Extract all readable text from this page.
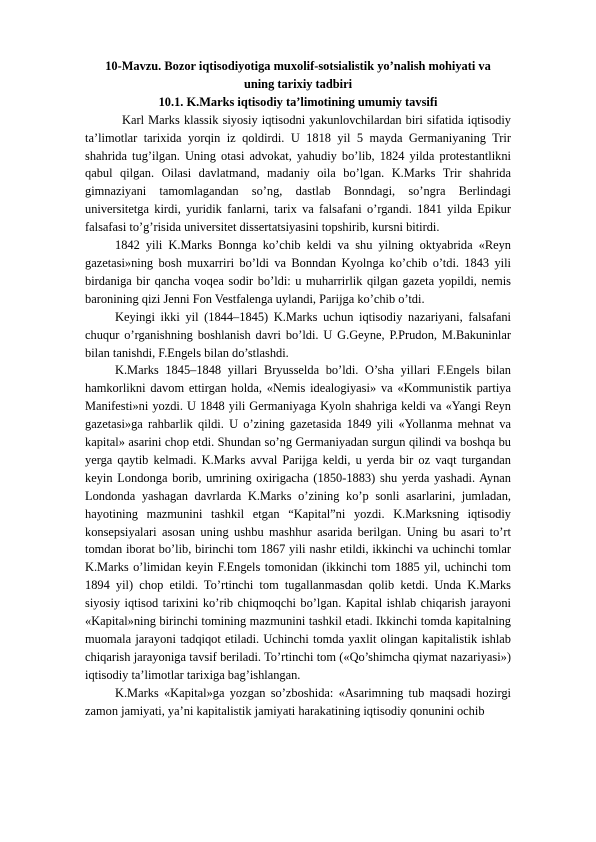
10-Mavzu. Bozor iqtisodiyotiga muxolif-sotsialistik yo’nalish mohiyati va uning tarixiy tadbiri

10.1. K.Marks iqtisodiy ta’limotining umumiy tavsifi

Karl Marks klassik siyosiy iqtisodni yakunlovchilardan biri sifatida iqtisodiy ta’limotlar tarixida yorqin iz qoldirdi. U 1818 yil 5 mayda Germaniyaning Trir shahrida tug’ilgan. Uning otasi advokat, yahudiy bo’lib, 1824 yilda protestantlikni qabul qilgan. Oilasi davlatmand, madaniy oila bo’lgan. K.Marks Trir shahrida gimnaziyani tamomlagandan so’ng, dastlab Bonndagi, so’ngra Berlindagi universitetga kirdi, yuridik fanlarni, tarix va falsafani o’rgandi. 1841 yilda Epikur falsafasi to’g’risida universitet dissertatsiyasini topshirib, kursni bitirdi.

1842 yili K.Marks Bonnga ko’chib keldi va shu yilning oktyabrida «Reyn gazetasi»ning bosh muxarriri bo’ldi va Bonndan Kyolnga ko’chib o’tdi. 1843 yili birdaniga bir qancha voqea sodir bo’ldi: u muharrirlik qilgan gazeta yopildi, nemis baronining qizi Jenni Fon Vestfalenga uylandi, Parijga ko’chib o’tdi.

Keyingi ikki yil (1844–1845) K.Marks uchun iqtisodiy nazariyani, falsafani chuqur o’rganishning boshlanish davri bo’ldi. U G.Geyne, P.Prudon, M.Bakuninlar bilan tanishdi, F.Engels bilan do’stlashdi.

K.Marks 1845–1848 yillari Bryusselda bo’ldi. O’sha yillari F.Engels bilan hamkorlikni davom ettirgan holda, «Nemis idealogiyasi» va «Kommunistik partiya Manifesti»ni yozdi. U 1848 yili Germaniyaga Kyoln shahriga keldi va «Yangi Reyn gazetasi»ga rahbarlik qildi. U o’zining gazetasida 1849 yili «Yollanma mehnat va kapital» asarini chop etdi. Shundan so’ng Germaniyadan surgun qilindi va boshqa bu yerga qaytib kelmadi. K.Marks avval Parijga keldi, u yerda bir oz vaqt turgandan keyin Londonga borib, umrining oxirigacha (1850-1883) shu yerda yashadi. Aynan Londonda yashagan davrlarda K.Marks o’zining ko’p sonli asarlarini, jumladan, hayotining mazmunini tashkil etgan “Kapital”ni yozdi. K.Marksning iqtisodiy konsepsiyalari asosan uning ushbu mashhur asarida berilgan. Uning bu asari to’rt tomdan iborat bo’lib, birinchi tom 1867 yili nashr etildi, ikkinchi va uchinchi tomlar K.Marks o’limidan keyin F.Engels tomonidan (ikkinchi tom 1885 yil, uchinchi tom 1894 yil) chop etildi. To’rtinchi tom tugallanmasdan qolib ketdi. Unda K.Marks siyosiy iqtisod tarixini ko’rib chiqmoqchi bo’lgan. Kapital ishlab chiqarish jarayoni «Kapital»ning birinchi tomining mazmunini tashkil etadi. Ikkinchi tomda kapitalning muomala jarayoni tadqiqot etiladi. Uchinchi tomda yaxlit olingan kapitalistik ishlab chiqarish jarayoniga tavsif beriladi. To’rtinchi tom («Qo’shimcha qiymat nazariyasi») iqtisodiy ta’limotlar tarixiga bag’ishlangan.

K.Marks «Kapital»ga yozgan so’zboshida: «Asarimning tub maqsadi hozirgi zamon jamiyati, ya’ni kapitalistik jamiyati harakatining iqtisodiy qonunini ochib
